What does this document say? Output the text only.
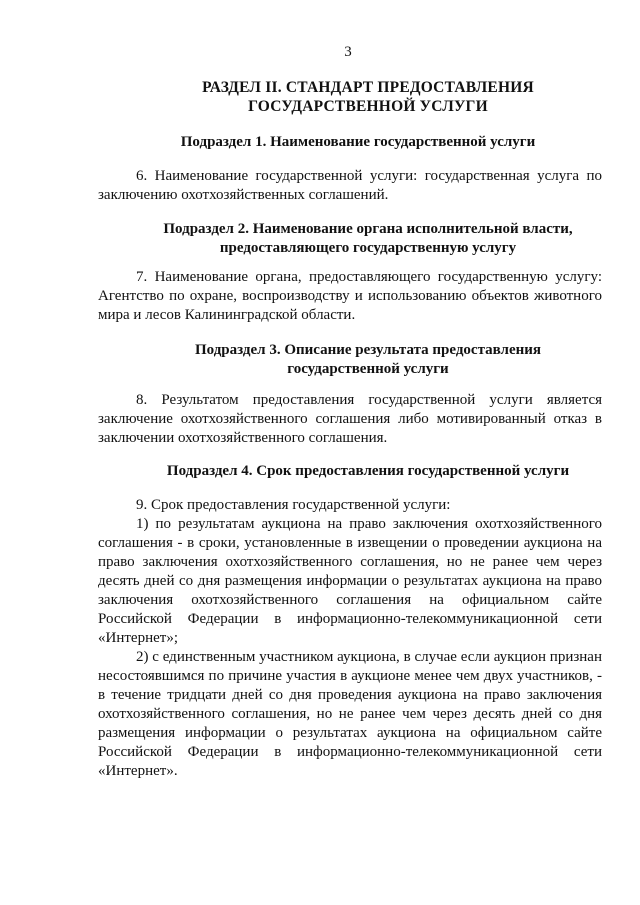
3
РАЗДЕЛ II. СТАНДАРТ ПРЕДОСТАВЛЕНИЯ
ГОСУДАРСТВЕННОЙ УСЛУГИ
Подраздел 1. Наименование государственной услуги

6. Наименование государственной услуги: государственная услуга по заключению охотхозяйственных соглашений.

Подраздел 2. Наименование органа исполнительной власти,
предоставляющего государственную услугу

7. Наименование органа, предоставляющего государственную услугу: Агентство по охране, воспроизводству и использованию объектов животного мира и лесов Калининградской области.

Подраздел 3. Описание результата предоставления
государственной услуги

8. Результатом предоставления государственной услуги является заключение охотхозяйственного соглашения либо мотивированный отказ в заключении охотхозяйственного соглашения.

Подраздел 4. Срок предоставления государственной услуги

9. Срок предоставления государственной услуги:

1) по результатам аукциона на право заключения охотхозяйственного соглашения - в сроки, установленные в извещении о проведении аукциона на право заключения охотхозяйственного соглашения, но не ранее чем через десять дней со дня размещения информации о результатах аукциона на право заключения охотхозяйственного соглашения на официальном сайте Российской Федерации в информационно-телекоммуникационной сети «Интернет»;

2) с единственным участником аукциона, в случае если аукцион признан несостоявшимся по причине участия в аукционе менее чем двух участников, - в течение тридцати дней со дня проведения аукциона на право заключения охотхозяйственного соглашения, но не ранее чем через десять дней со дня размещения информации о результатах аукциона на официальном сайте Российской Федерации в информационно-телекоммуникационной сети «Интернет».
